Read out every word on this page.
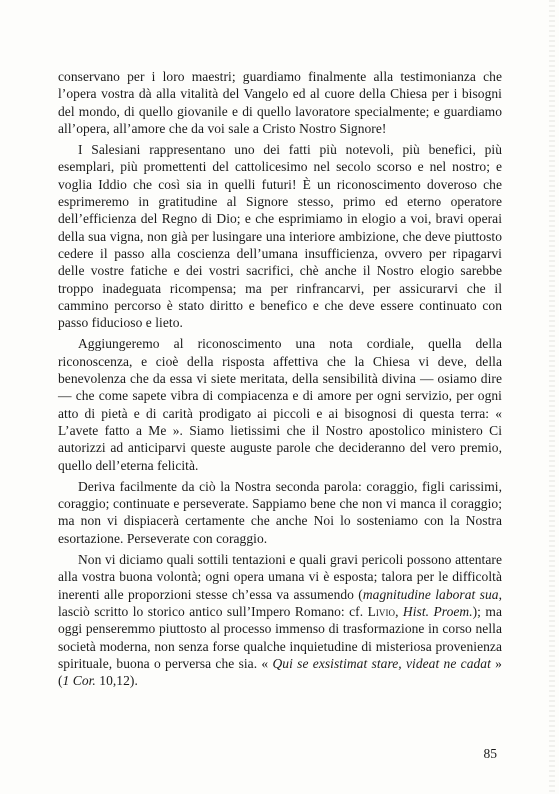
conservano per i loro maestri; guardiamo finalmente alla testimonianza che l’opera vostra dà alla vitalità del Vangelo ed al cuore della Chiesa per i bisogni del mondo, di quello giovanile e di quello lavoratore specialmente; e guardiamo all’opera, all’amore che da voi sale a Cristo Nostro Signore!

I Salesiani rappresentano uno dei fatti più notevoli, più benefici, più esemplari, più promettenti del cattolicesimo nel secolo scorso e nel nostro; e voglia Iddio che così sia in quelli futuri! È un riconoscimento doveroso che esprimeremo in gratitudine al Signore stesso, primo ed eterno operatore dell’efficienza del Regno di Dio; e che esprimiamo in elogio a voi, bravi operai della sua vigna, non già per lusingare una interiore ambizione, che deve piuttosto cedere il passo alla coscienza dell’umana insufficienza, ovvero per ripagarvi delle vostre fatiche e dei vostri sacrifici, chè anche il Nostro elogio sarebbe troppo inadeguata ricompensa; ma per rinfrancarvi, per assicurarvi che il cammino percorso è stato diritto e benefico e che deve essere continuato con passo fiducioso e lieto.

Aggiungeremo al riconoscimento una nota cordiale, quella della riconoscenza, e cioè della risposta affettiva che la Chiesa vi deve, della benevolenza che da essa vi siete meritata, della sensibilità divina — osiamo dire — che come sapete vibra di compiacenza e di amore per ogni servizio, per ogni atto di pietà e di carità prodigato ai piccoli e ai bisognosi di questa terra: « L’avete fatto a Me ». Siamo lietissimi che il Nostro apostolico ministero Ci autorizzi ad anticiparvi queste auguste parole che decideranno del vero premio, quello dell’eterna felicità.

Deriva facilmente da ciò la Nostra seconda parola: coraggio, figli carissimi, coraggio; continuate e perseverate. Sappiamo bene che non vi manca il coraggio; ma non vi dispiacerà certamente che anche Noi lo sosteniamo con la Nostra esortazione. Perseverate con coraggio.

Non vi diciamo quali sottili tentazioni e quali gravi pericoli possono attentare alla vostra buona volontà; ogni opera umana vi è esposta; talora per le difficoltà inerenti alle proporzioni stesse ch’essa va assumendo (magnitudine laborat sua, lasciò scritto lo storico antico sull’Impero Romano: cf. Livio, Hist. Proem.); ma oggi penseremmo piuttosto al processo immenso di trasformazione in corso nella società moderna, non senza forse qualche inquietudine di misteriosa provenienza spirituale, buona o perversa che sia. « Qui se exsistimat stare, videat ne cadat » (1 Cor. 10,12).

85
